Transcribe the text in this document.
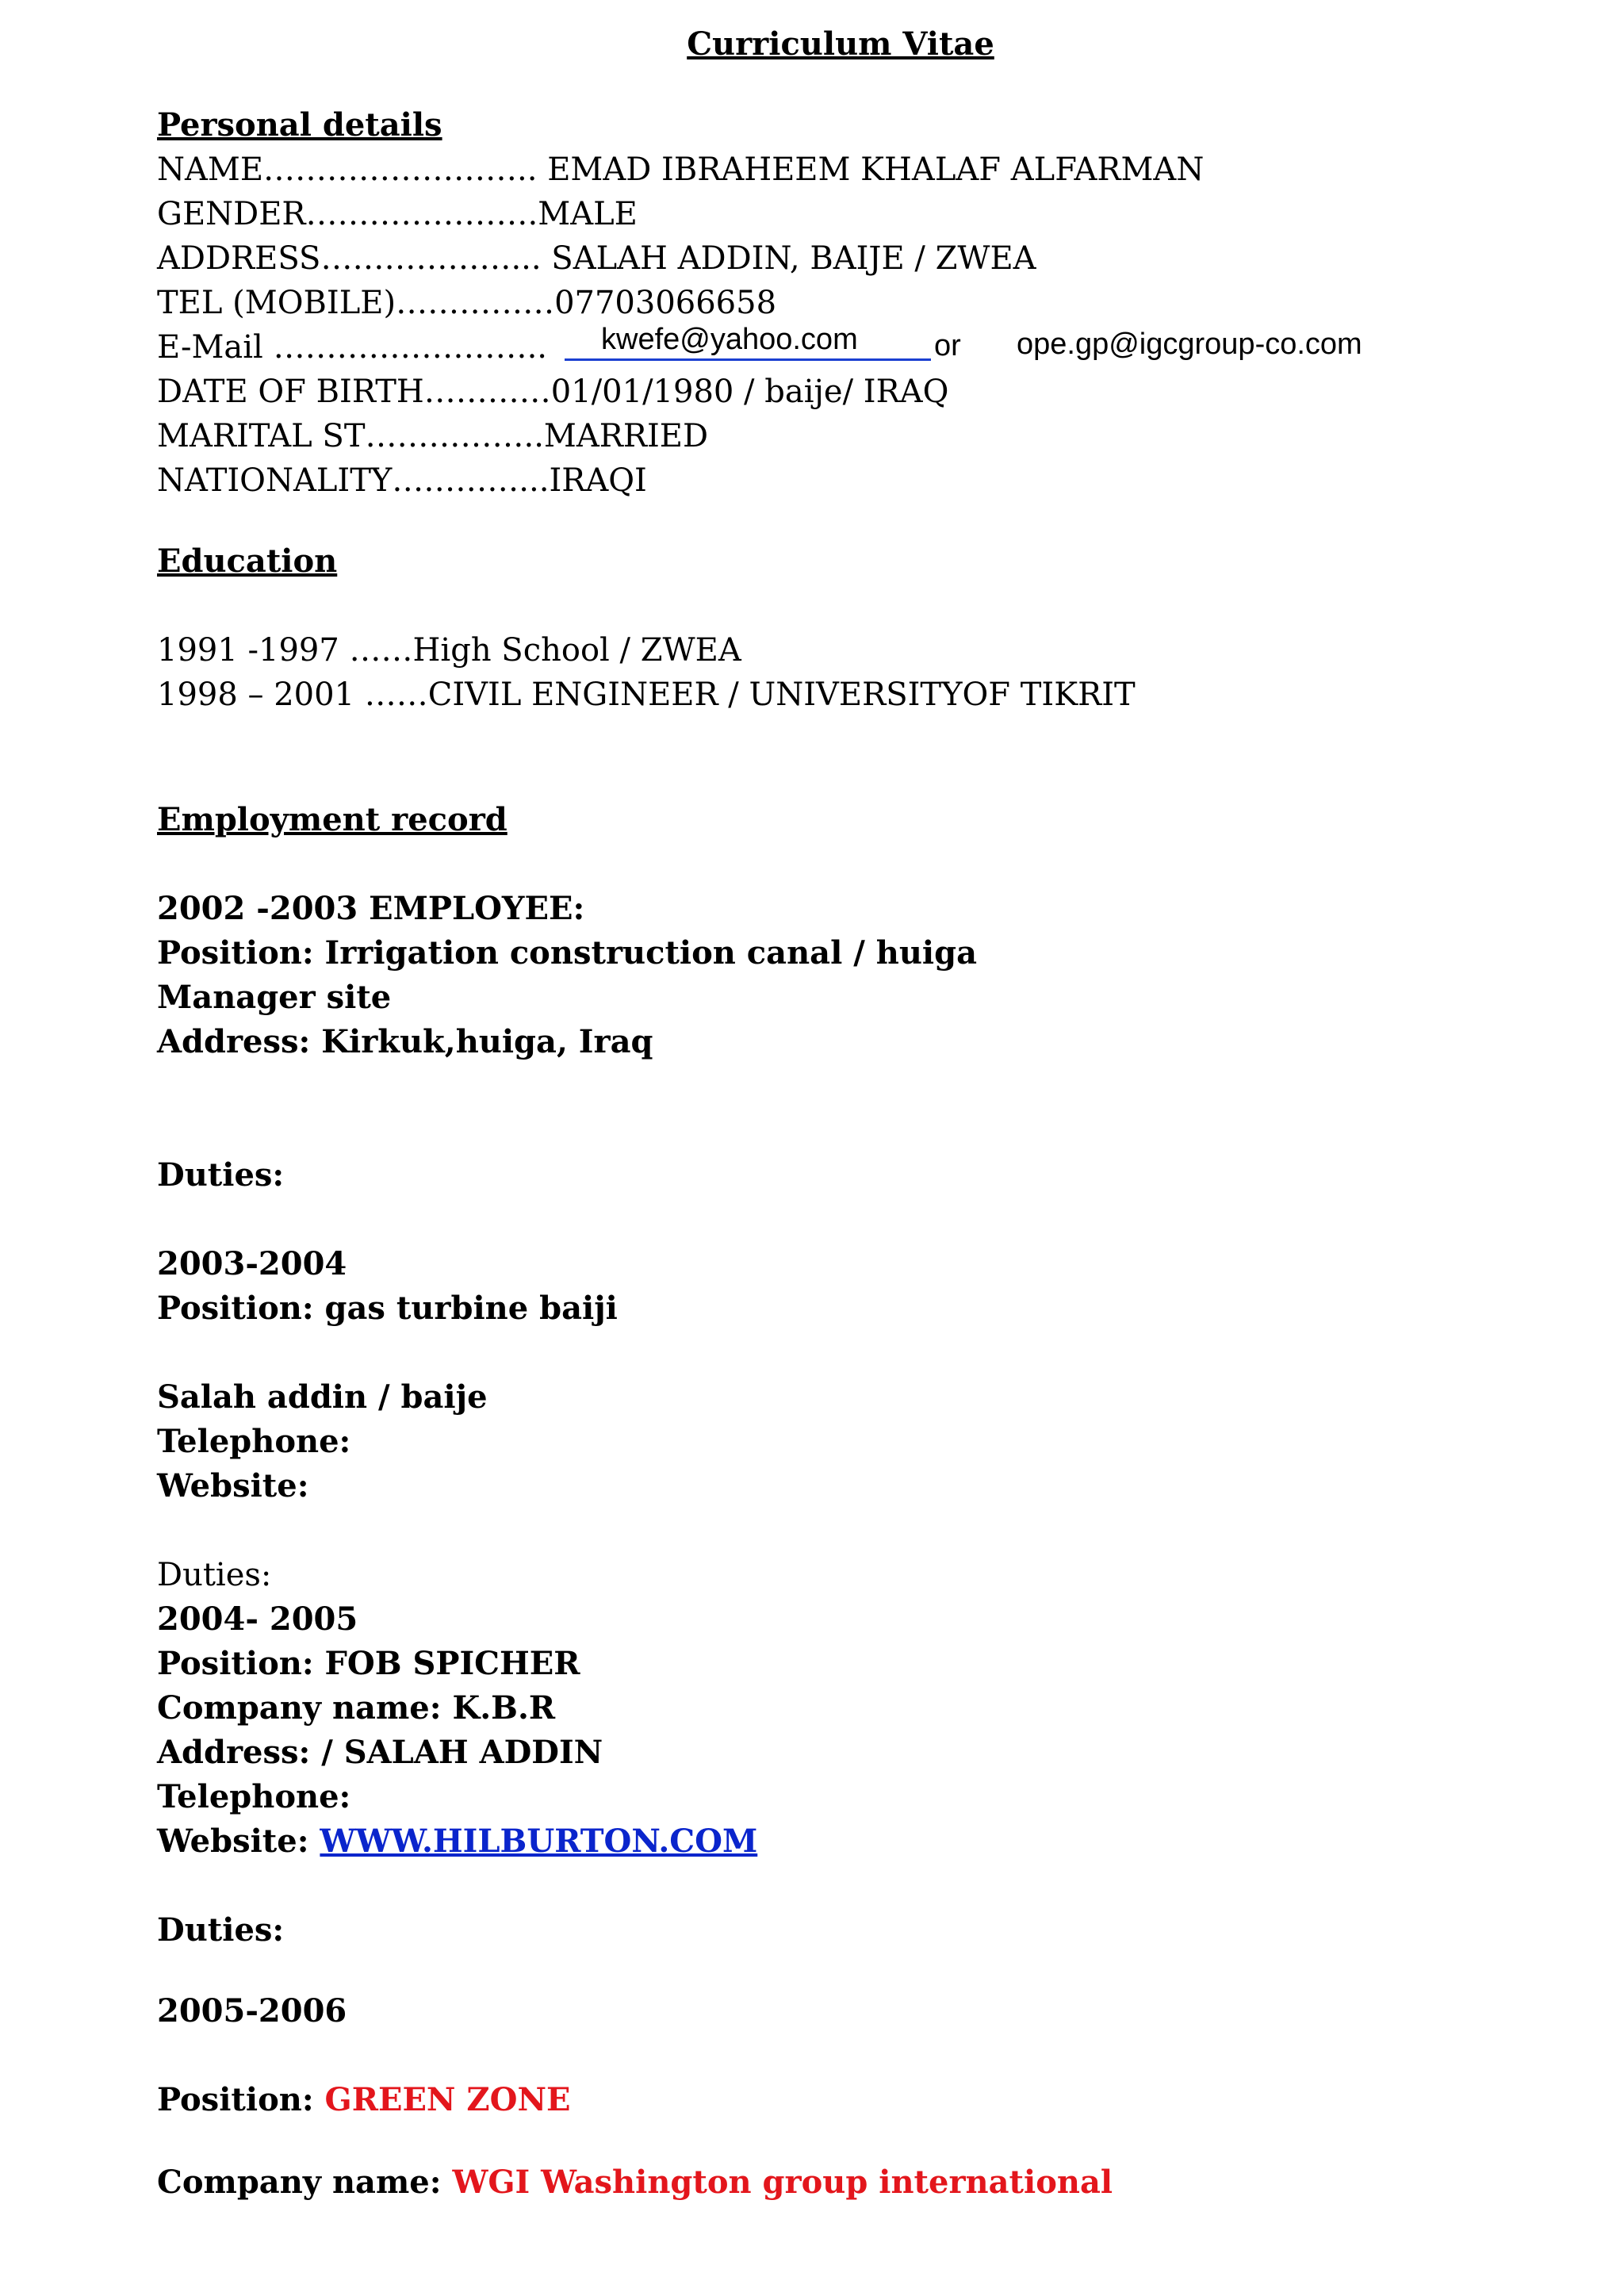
Curriculum Vitae
Personal details
NAME…………………….. EMAD IBRAHEEM KHALAF ALFARMAN
GENDER………………….MALE
ADDRESS………………... SALAH ADDIN, BAIJE / ZWEA
TEL (MOBILE)……………07703066658
E-Mail …………………….. kwefe@yahoo.com	or ope.gp@igcgroup-co.com
DATE OF BIRTH…………01/01/1980 / baije/ IRAQ
MARITAL ST……………..MARRIED
NATIONALITY…………...IRAQI
Education
1991 -1997 ……High School / ZWEA
1998 – 2001 ……CIVIL ENGINEER / UNIVERSITYOF TIKRIT
Employment record
2002 -2003 EMPLOYEE:
Position: Irrigation construction canal / huiga
Manager site
Address: Kirkuk,huiga, Iraq
Duties:
2003-2004
Position: gas turbine baiji
Salah addin / baije
Telephone:
Website:
Duties:
2004- 2005
Position: FOB SPICHER
Company name: K.B.R
Address: / SALAH ADDIN
Telephone:
Website: WWW.HILBURTON.COM
Duties:
2005-2006
Position: GREEN ZONE
Company name: WGI Washington group international
